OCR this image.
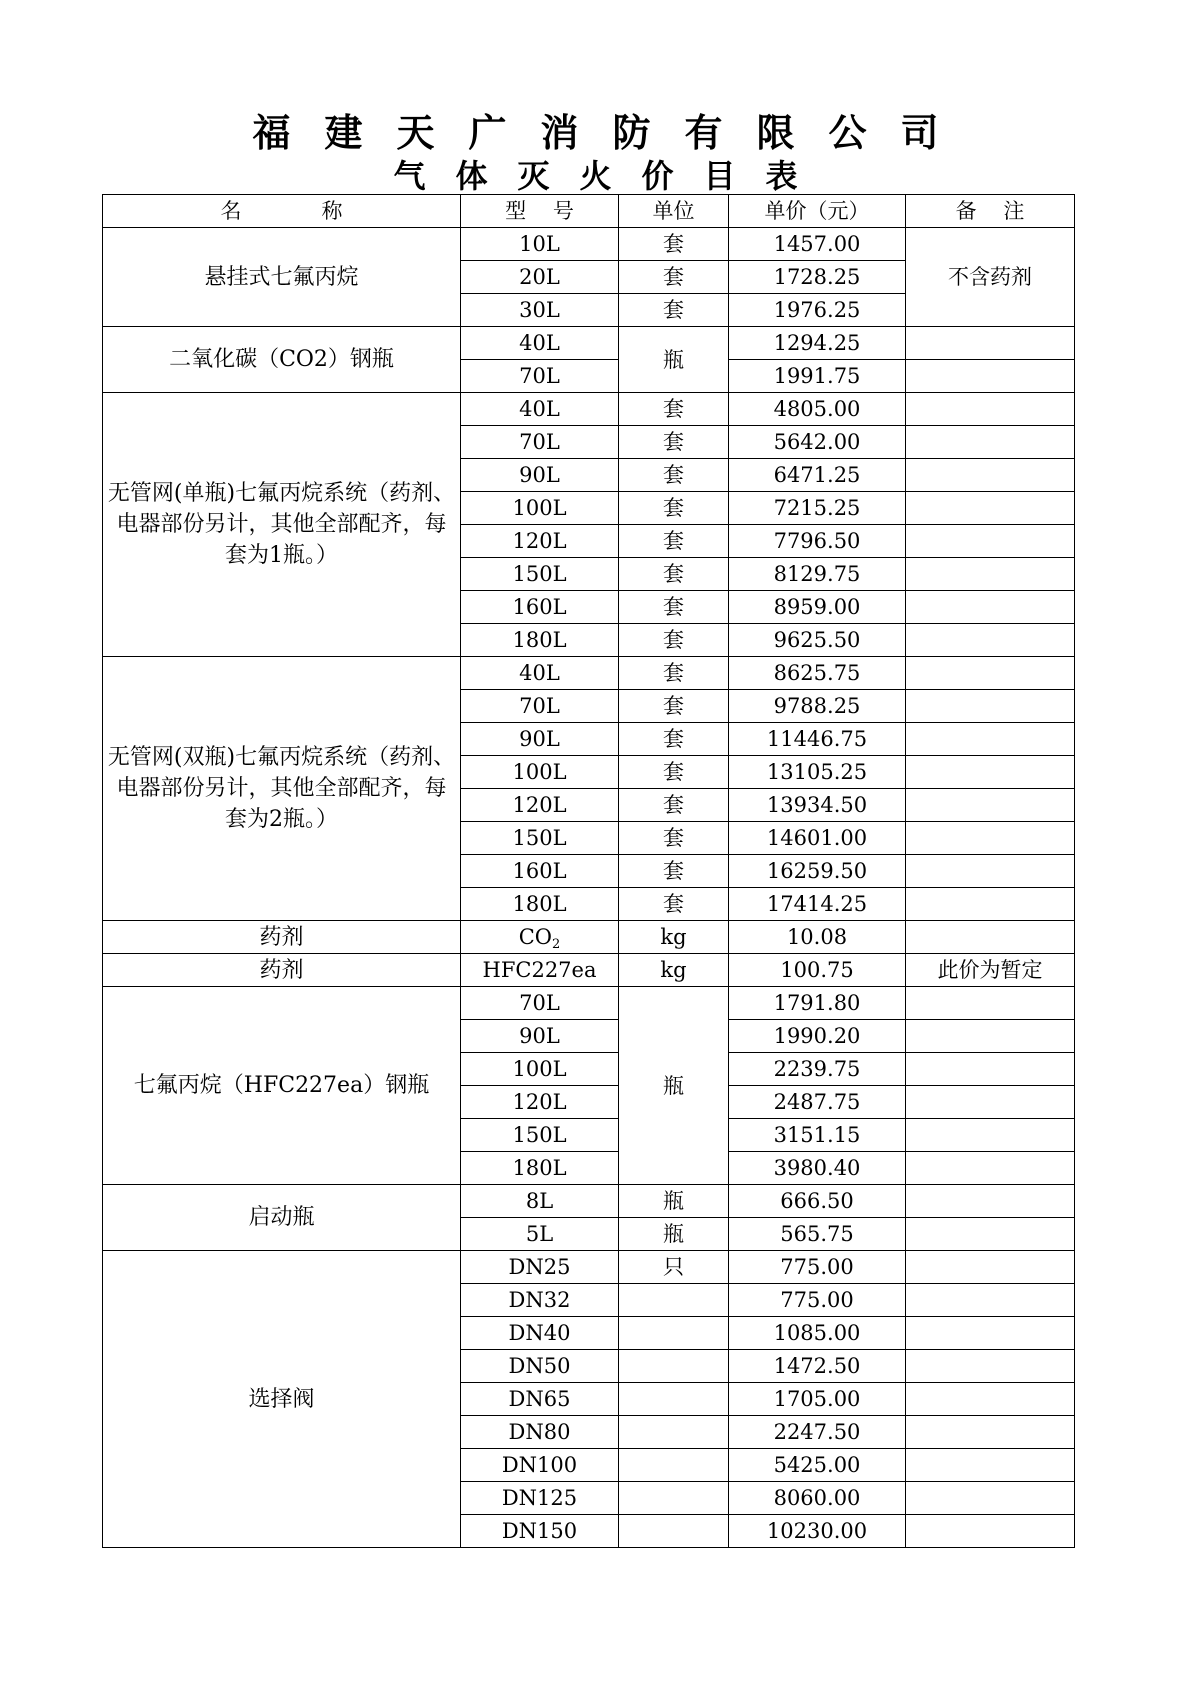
福建天广消防有限公司
气体灭火价目表
名            称	型    号	单位	单价（元）	备    注
悬挂式七氟丙烷	10L	套	1457.00	不含药剂
	20L	套	1728.25	
	30L	套	1976.25	
二氧化碳（CO2）钢瓶	40L	瓶	1294.25	
	70L		1991.75	
无管网(单瓶)七氟丙烷系统（药剂、电器部份另计，其他全部配齐，每套为1瓶。）	40L	套	4805.00	
	70L	套	5642.00	
	90L	套	6471.25	
	100L	套	7215.25	
	120L	套	7796.50	
	150L	套	8129.75	
	160L	套	8959.00	
	180L	套	9625.50	
无管网(双瓶)七氟丙烷系统（药剂、电器部份另计，其他全部配齐，每套为2瓶。）	40L	套	8625.75	
	70L	套	9788.25	
	90L	套	11446.75	
	100L	套	13105.25	
	120L	套	13934.50	
	150L	套	14601.00	
	160L	套	16259.50	
	180L	套	17414.25	
药剂	$CO_2$	kg	10.08	
药剂	HFC227ea	kg	100.75	此价为暂定
七氟丙烷（HFC227ea）钢瓶	70L	瓶	1791.80	
	90L		1990.20	
	100L		2239.75	
	120L		2487.75	
	150L		3151.15	
	180L		3980.40	
启动瓶	8L	瓶	666.50	
	5L	瓶	565.75	
选择阀	DN25	只	775.00	
	DN32		775.00	
	DN40		1085.00	
	DN50		1472.50	
	DN65		1705.00	
	DN80		2247.50	
	DN100		5425.00	
	DN125		8060.00	
	DN150		10230.00	
